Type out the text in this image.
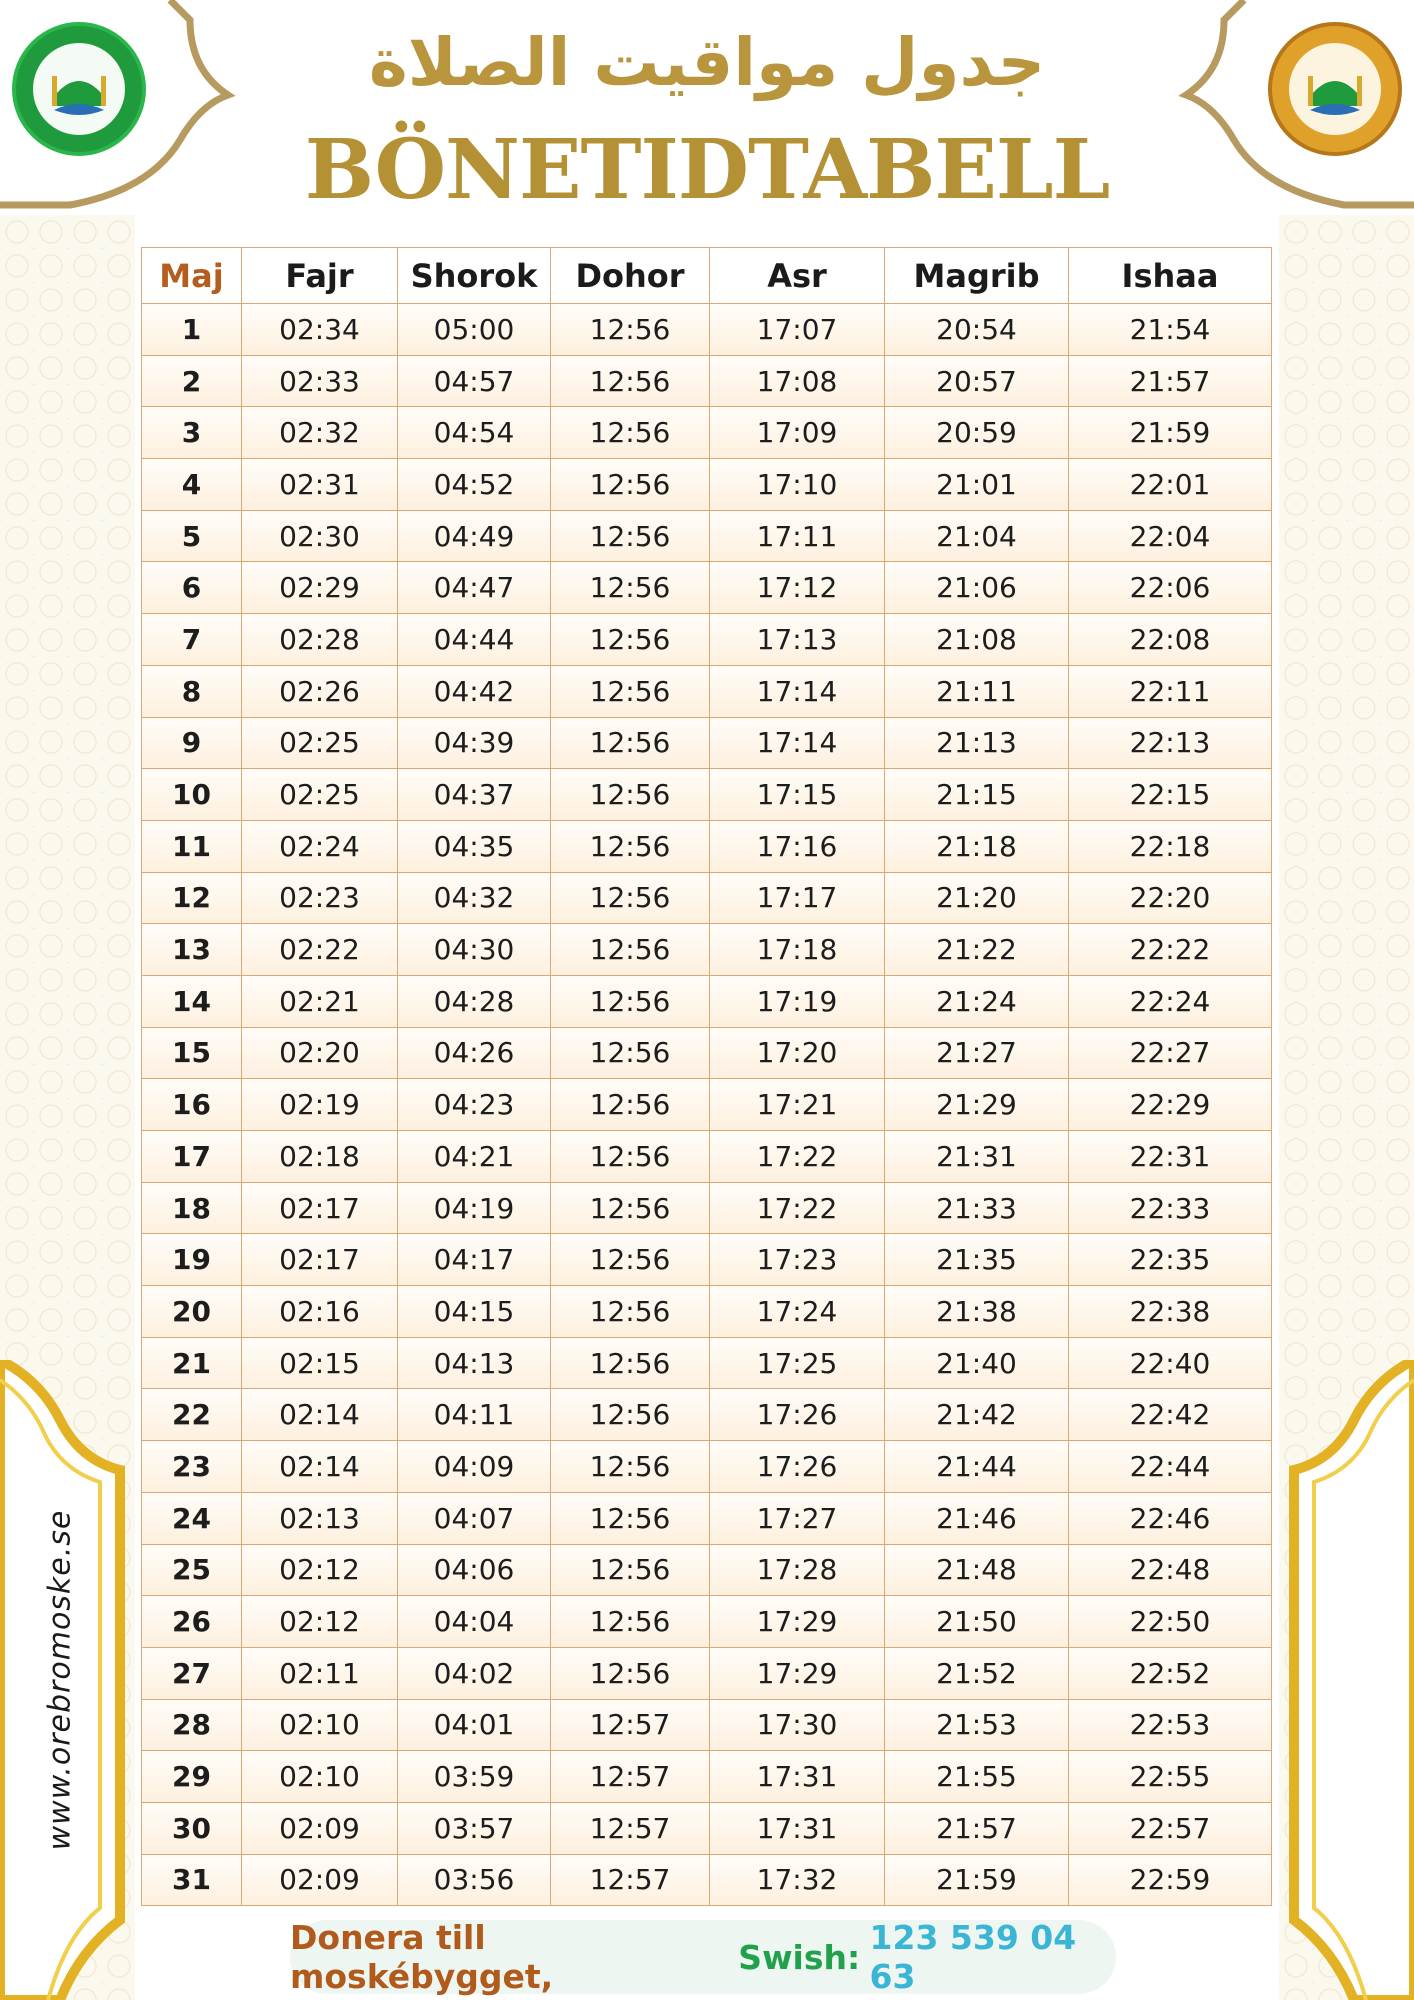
جدول مواقيت الصلاة
BÖNETIDTABELL
Maj	Fajr	Shorok	Dohor	Asr	Magrib	Ishaa
1	02:34	05:00	12:56	17:07	20:54	21:54
2	02:33	04:57	12:56	17:08	20:57	21:57
3	02:32	04:54	12:56	17:09	20:59	21:59
4	02:31	04:52	12:56	17:10	21:01	22:01
5	02:30	04:49	12:56	17:11	21:04	22:04
6	02:29	04:47	12:56	17:12	21:06	22:06
7	02:28	04:44	12:56	17:13	21:08	22:08
8	02:26	04:42	12:56	17:14	21:11	22:11
9	02:25	04:39	12:56	17:14	21:13	22:13
10	02:25	04:37	12:56	17:15	21:15	22:15
11	02:24	04:35	12:56	17:16	21:18	22:18
12	02:23	04:32	12:56	17:17	21:20	22:20
13	02:22	04:30	12:56	17:18	21:22	22:22
14	02:21	04:28	12:56	17:19	21:24	22:24
15	02:20	04:26	12:56	17:20	21:27	22:27
16	02:19	04:23	12:56	17:21	21:29	22:29
17	02:18	04:21	12:56	17:22	21:31	22:31
18	02:17	04:19	12:56	17:22	21:33	22:33
19	02:17	04:17	12:56	17:23	21:35	22:35
20	02:16	04:15	12:56	17:24	21:38	22:38
21	02:15	04:13	12:56	17:25	21:40	22:40
22	02:14	04:11	12:56	17:26	21:42	22:42
23	02:14	04:09	12:56	17:26	21:44	22:44
24	02:13	04:07	12:56	17:27	21:46	22:46
25	02:12	04:06	12:56	17:28	21:48	22:48
26	02:12	04:04	12:56	17:29	21:50	22:50
27	02:11	04:02	12:56	17:29	21:52	22:52
28	02:10	04:01	12:57	17:30	21:53	22:53
29	02:10	03:59	12:57	17:31	21:55	22:55
30	02:09	03:57	12:57	17:31	21:57	22:57
31	02:09	03:56	12:57	17:32	21:59	22:59
www.orebromoske.se
Donera till moskébygget,	Swish: 123 539 04 63
